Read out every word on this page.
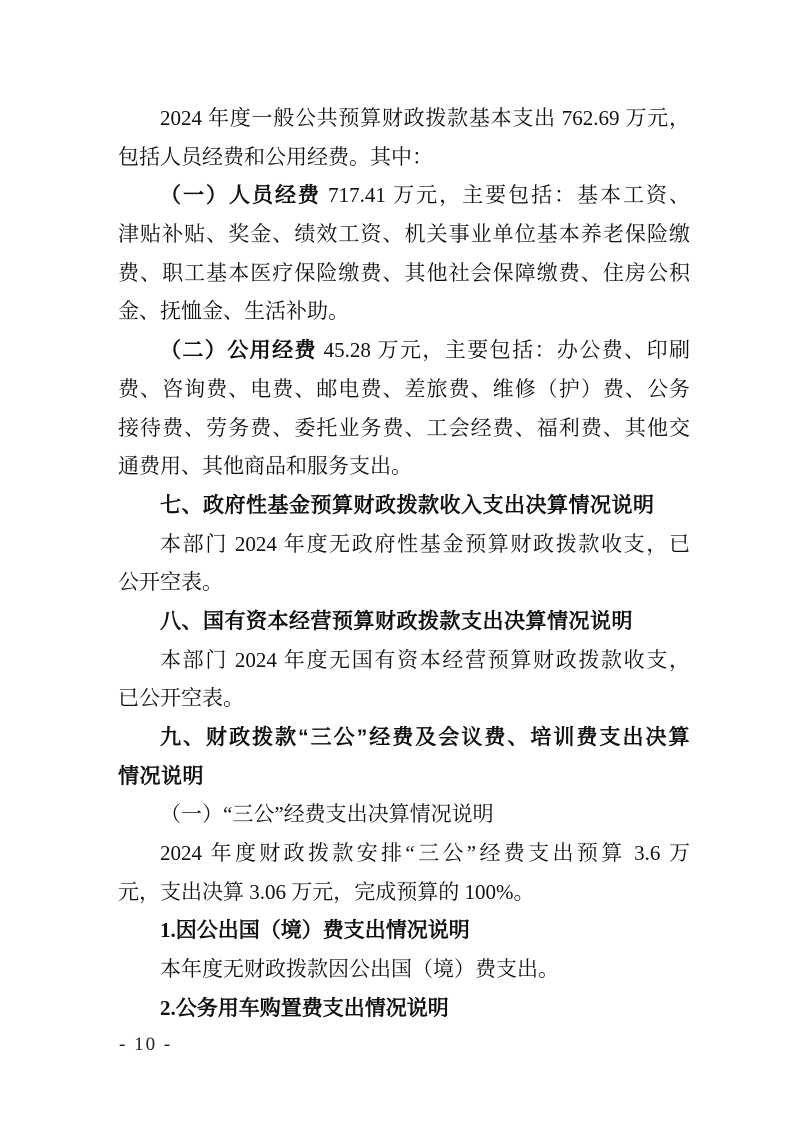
2024 年度一般公共预算财政拨款基本支出 762.69 万元，
包括人员经费和公用经费。其中：
（一）人员经费 717.41 万元，主要包括：基本工资、
津贴补贴、奖金、绩效工资、机关事业单位基本养老保险缴
费、职工基本医疗保险缴费、其他社会保障缴费、住房公积
金、抚恤金、生活补助。
（二）公用经费 45.28 万元，主要包括：办公费、印刷
费、咨询费、电费、邮电费、差旅费、维修（护）费、公务
接待费、劳务费、委托业务费、工会经费、福利费、其他交
通费用、其他商品和服务支出。
七、政府性基金预算财政拨款收入支出决算情况说明
本部门 2024 年度无政府性基金预算财政拨款收支，已
公开空表。
八、国有资本经营预算财政拨款支出决算情况说明
本部门 2024 年度无国有资本经营预算财政拨款收支，
已公开空表。
九、财政拨款“三公”经费及会议费、培训费支出决算
情况说明
（一）“三公”经费支出决算情况说明
2024 年度财政拨款安排“三公”经费支出预算 3.6 万
元，支出决算 3.06 万元，完成预算的 100%。
1.因公出国（境）费支出情况说明
本年度无财政拨款因公出国（境）费支出。
2.公务用车购置费支出情况说明
- 10 -
